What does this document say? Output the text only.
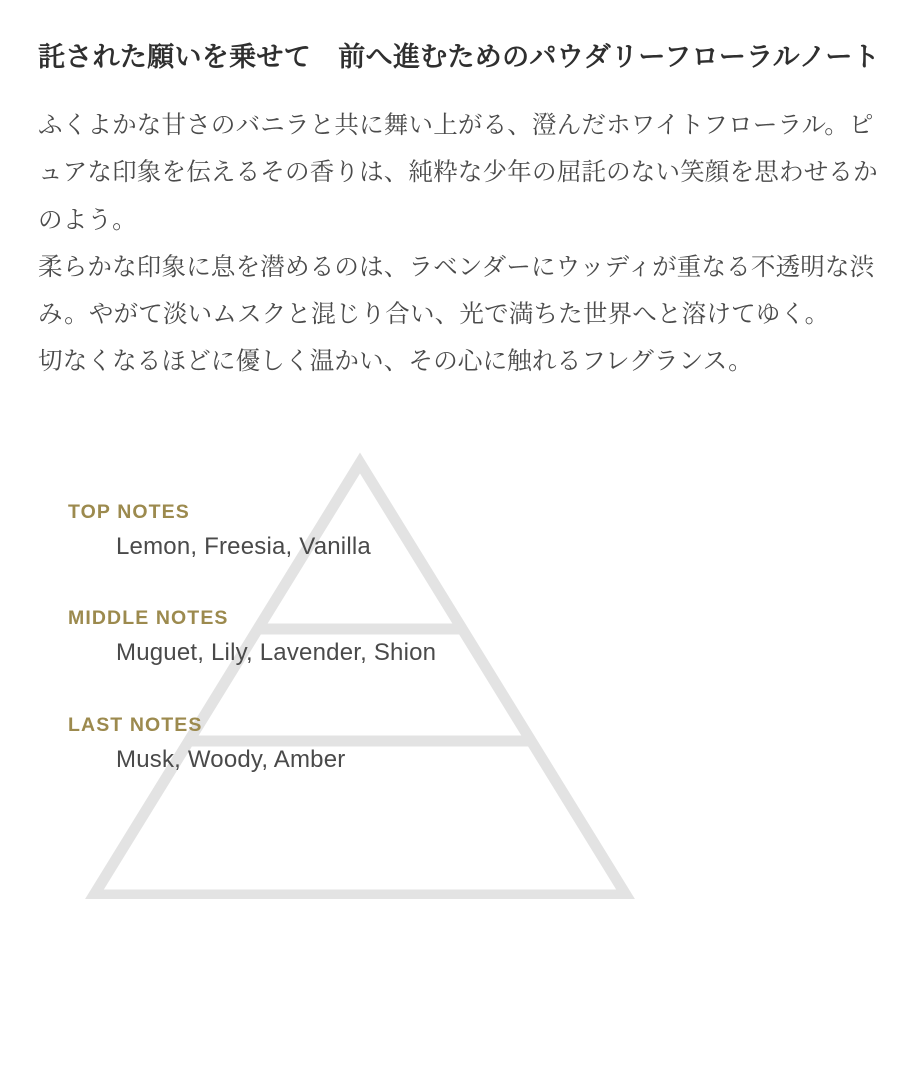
託された願いを乗せて　前へ進むためのパウダリーフローラルノート

ふくよかな甘さのバニラと共に舞い上がる、澄んだホワイトフローラル。ピュアな印象を伝えるその香りは、純粋な少年の屈託のない笑顔を思わせるかのよう。

柔らかな印象に息を潜めるのは、ラベンダーにウッディが重なる不透明な渋み。やがて淡いムスクと混じり合い、光で満ちた世界へと溶けてゆく。

切なくなるほどに優しく温かい、その心に触れるフレグランス。

TOP NOTES
Lemon, Freesia, Vanilla
MIDDLE NOTES
Muguet, Lily, Lavender, Shion
LAST NOTES
Musk, Woody, Amber
